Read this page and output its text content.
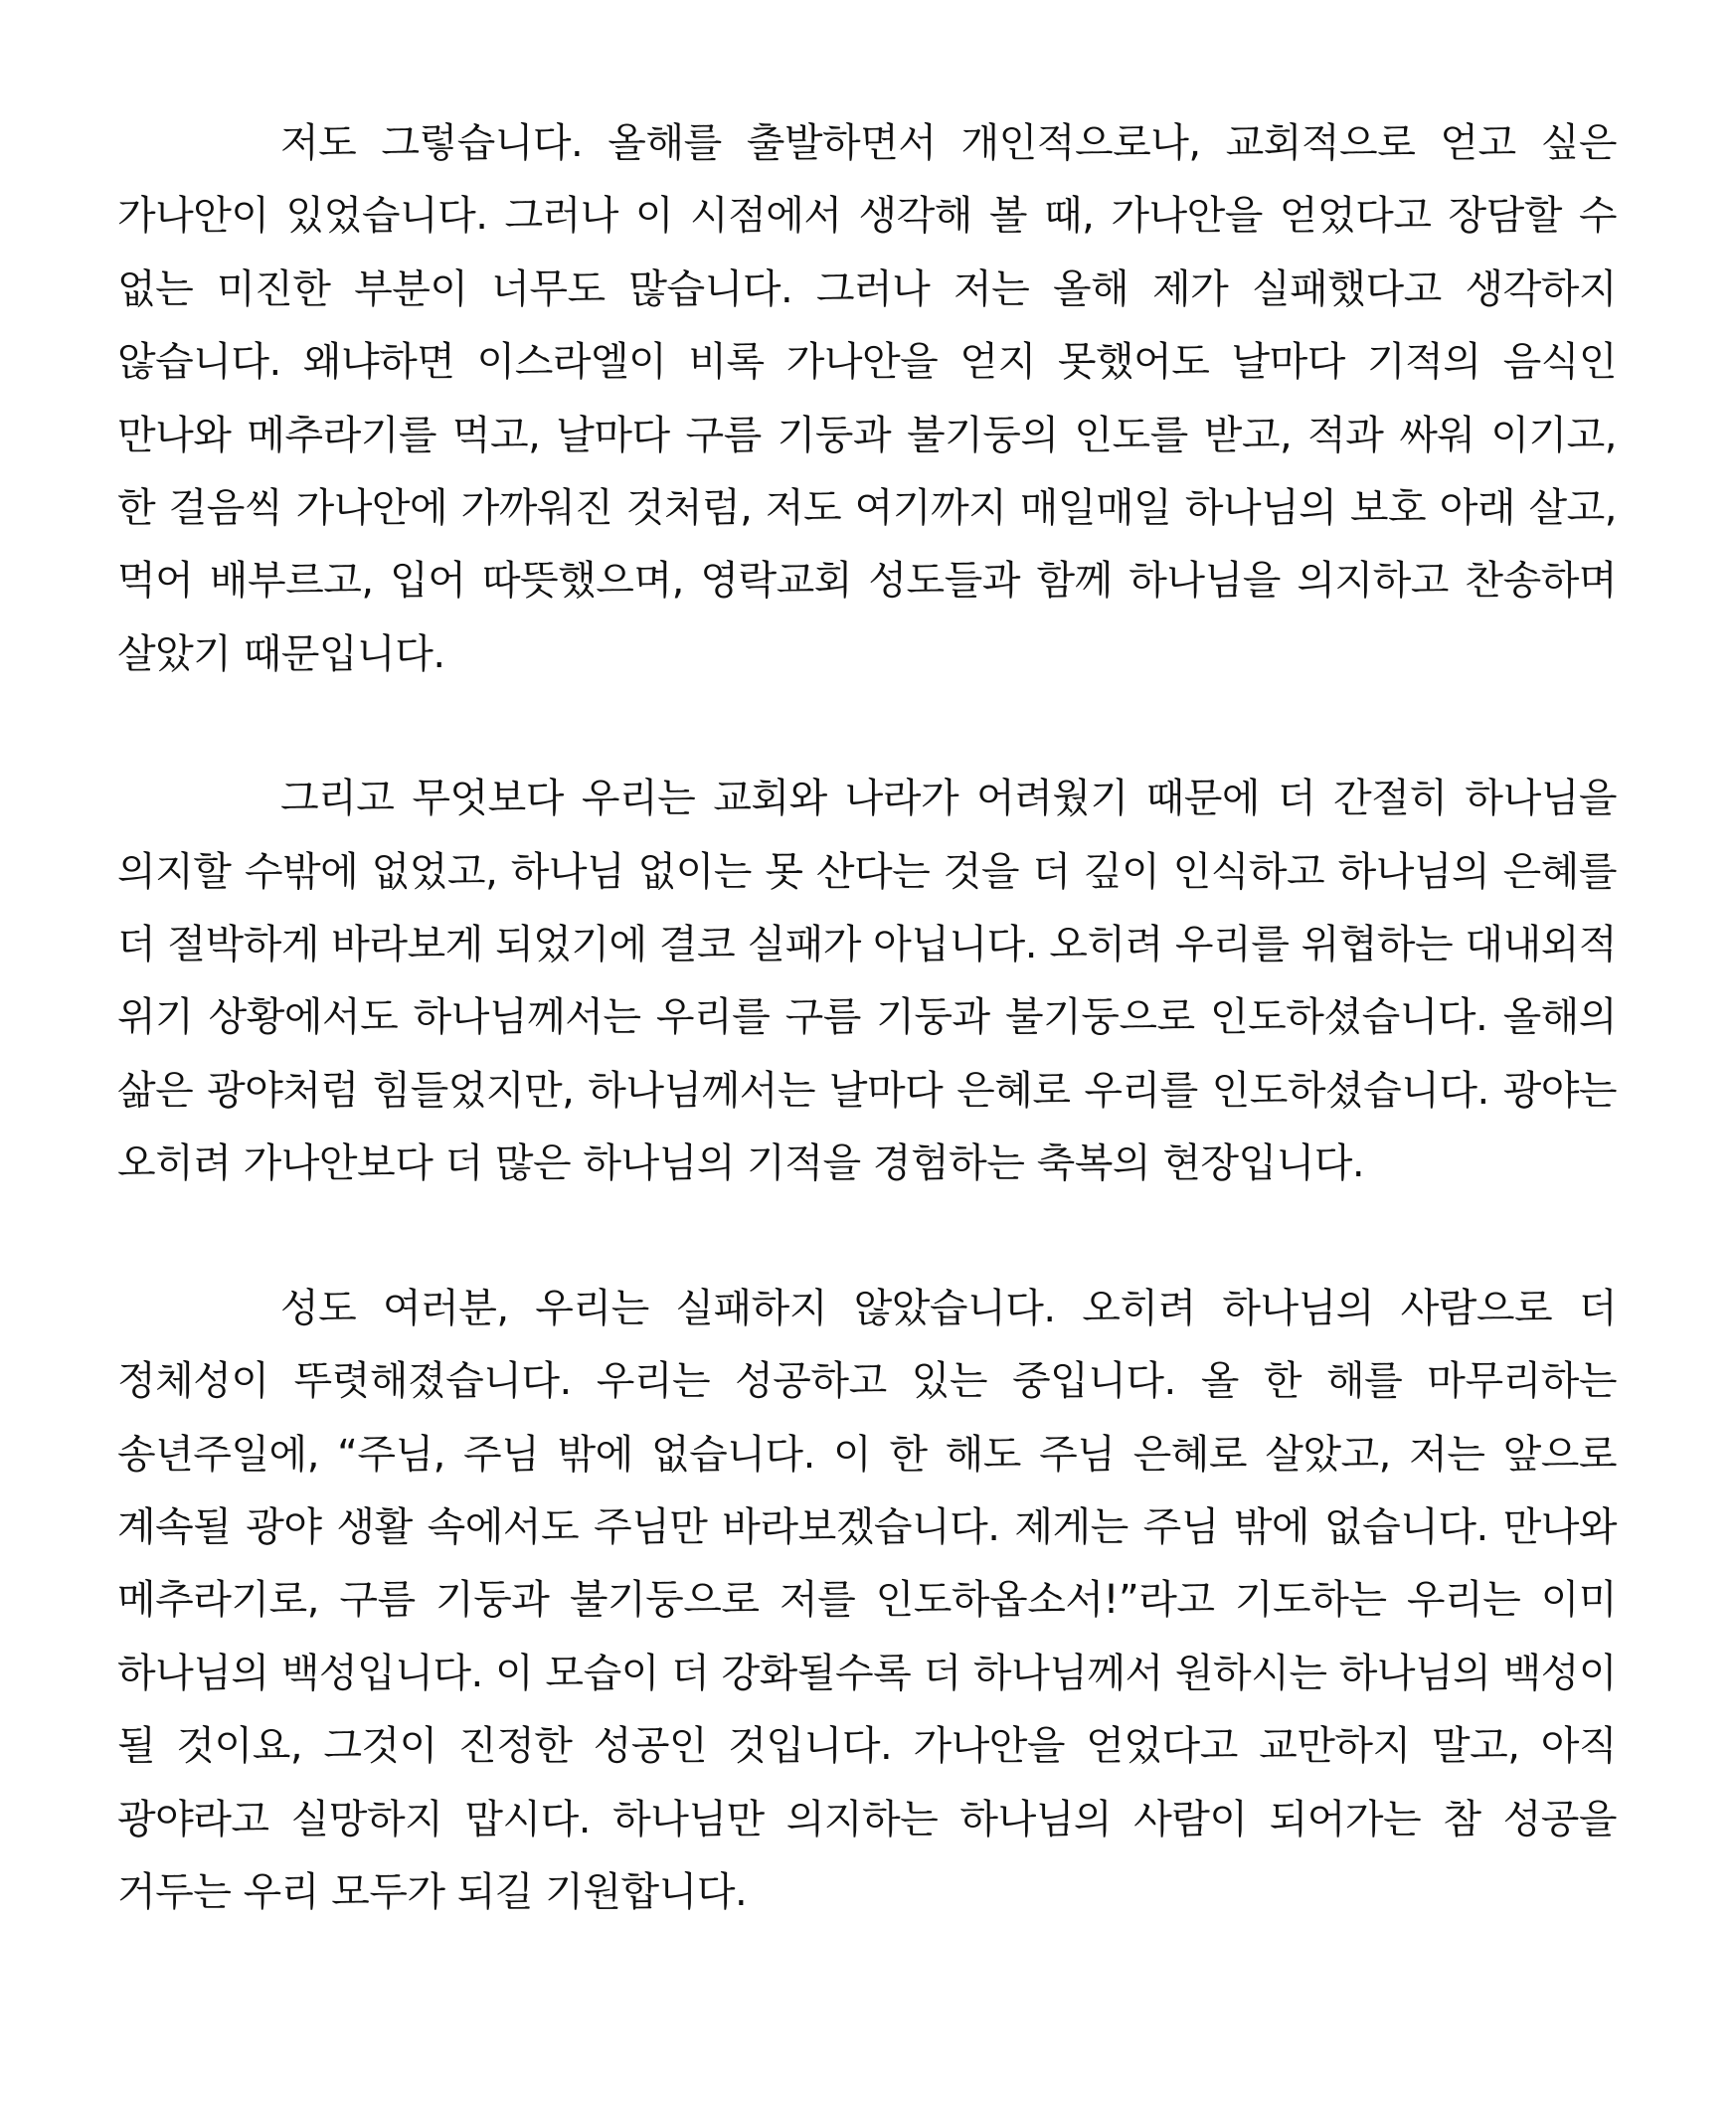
저도 그렇습니다. 올해를 출발하면서 개인적으로나, 교회적으로 얻고 싶은 가나안이 있었습니다. 그러나 이 시점에서 생각해 볼 때, 가나안을 얻었다고 장담할 수 없는 미진한 부분이 너무도 많습니다. 그러나 저는 올해 제가 실패했다고 생각하지 않습니다. 왜냐하면 이스라엘이 비록 가나안을 얻지 못했어도 날마다 기적의 음식인 만나와 메추라기를 먹고, 날마다 구름 기둥과 불기둥의 인도를 받고, 적과 싸워 이기고, 한 걸음씩 가나안에 가까워진 것처럼, 저도 여기까지 매일매일 하나님의 보호 아래 살고, 먹어 배부르고, 입어 따뜻했으며, 영락교회 성도들과 함께 하나님을 의지하고 찬송하며 살았기 때문입니다.

그리고 무엇보다 우리는 교회와 나라가 어려웠기 때문에 더 간절히 하나님을 의지할 수밖에 없었고, 하나님 없이는 못 산다는 것을 더 깊이 인식하고 하나님의 은혜를 더 절박하게 바라보게 되었기에 결코 실패가 아닙니다. 오히려 우리를 위협하는 대내외적 위기 상황에서도 하나님께서는 우리를 구름 기둥과 불기둥으로 인도하셨습니다. 올해의 삶은 광야처럼 힘들었지만, 하나님께서는 날마다 은혜로 우리를 인도하셨습니다. 광야는 오히려 가나안보다 더 많은 하나님의 기적을 경험하는 축복의 현장입니다.

성도 여러분, 우리는 실패하지 않았습니다. 오히려 하나님의 사람으로 더 정체성이 뚜렷해졌습니다. 우리는 성공하고 있는 중입니다. 올 한 해를 마무리하는 송년주일에, “주님, 주님 밖에 없습니다. 이 한 해도 주님 은혜로 살았고, 저는 앞으로 계속될 광야 생활 속에서도 주님만 바라보겠습니다. 제게는 주님 밖에 없습니다. 만나와 메추라기로, 구름 기둥과 불기둥으로 저를 인도하옵소서!”라고 기도하는 우리는 이미 하나님의 백성입니다. 이 모습이 더 강화될수록 더 하나님께서 원하시는 하나님의 백성이 될 것이요, 그것이 진정한 성공인 것입니다. 가나안을 얻었다고 교만하지 말고, 아직 광야라고 실망하지 맙시다. 하나님만 의지하는 하나님의 사람이 되어가는 참 성공을 거두는 우리 모두가 되길 기원합니다.
